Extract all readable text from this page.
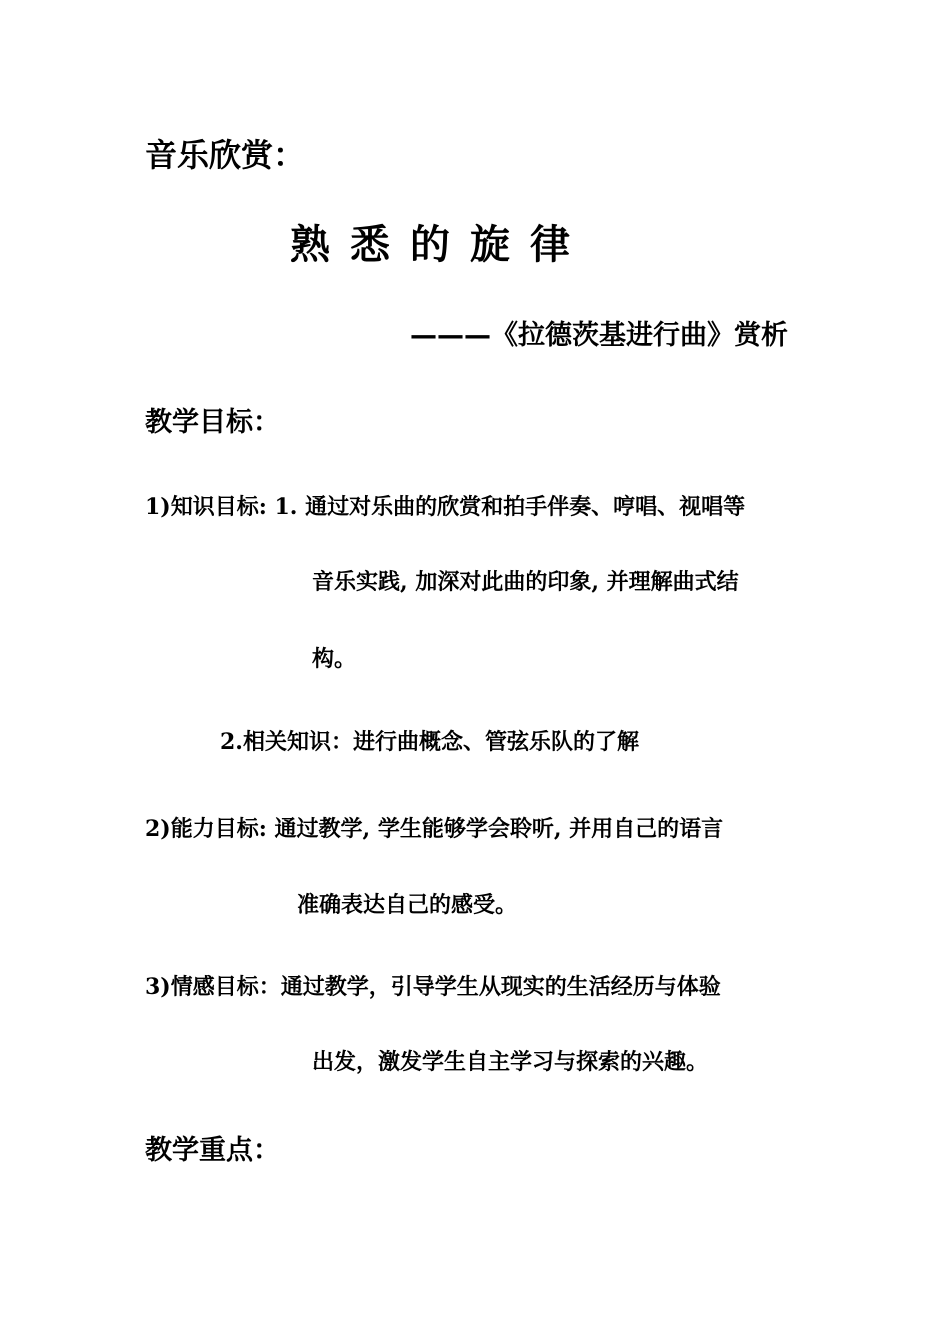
音乐欣赏：
熟悉的旋律
———《拉德茨基进行曲》赏析
教学目标：
1)知识目标: 1. 通过对乐曲的欣赏和拍手伴奏、哼唱、视唱等
音乐实践, 加深对此曲的印象, 并理解曲式结
构。
2.相关知识：进行曲概念、管弦乐队的了解
2)能力目标: 通过教学, 学生能够学会聆听, 并用自己的语言
准确表达自己的感受。
3)情感目标：通过教学，引导学生从现实的生活经历与体验
出发，激发学生自主学习与探索的兴趣。
教学重点：
